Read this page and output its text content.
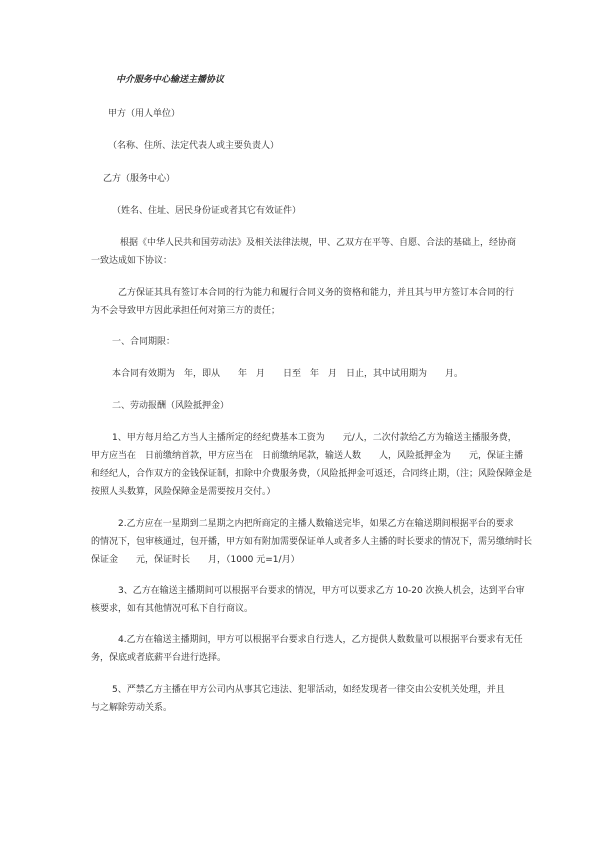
中介服务中心输送主播协议
甲方（用人单位）
（名称、住所、法定代表人或主要负责人）
乙方（服务中心）
（姓名、住址、居民身份证或者其它有效证件）
根据《中华人民共和国劳动法》及相关法律法规，甲、乙双方在平等、自愿、合法的基础上，经协商
一致达成如下协议：
乙方保证其具有签订本合同的行为能力和履行合同义务的资格和能力，并且其与甲方签订本合同的行
为不会导致甲方因此承担任何对第三方的责任；
一、合同期限：
本合同有效期为　年，即从　　年　月　　日至　年　月　日止，其中试用期为　　月。
二、劳动报酬（风险抵押金）
1、甲方每月给乙方当人主播所定的经纪费基本工资为　　元/人，二次付款给乙方为输送主播服务费，
甲方应当在　日前缴纳首款，甲方应当在　日前缴纳尾款，输送人数　　人，风险抵押金为　　元，保证主播
和经纪人，合作双方的金钱保证制，扣除中介费服务费，（风险抵押金可返还，合同终止期，（注；风险保障金是
按照人头数算，风险保障金是需要按月交付。）
2.乙方应在一星期到二星期之内把所商定的主播人数输送完毕，如果乙方在输送期间根据平台的要求
的情况下，包审核通过，包开播，甲方如有附加需要保证单人或者多人主播的时长要求的情况下，需另缴纳时长
保证金　　元，保证时长　　月，（1000 元=1/月）
3、乙方在输送主播期间可以根据平台要求的情况，甲方可以要求乙方 10-20 次换人机会，达到平台审
核要求，如有其他情况可私下自行商议。
4.乙方在输送主播期间，甲方可以根据平台要求自行选人，乙方提供人数数量可以根据平台要求有无任
务，保底或者底薪平台进行选择。
5、严禁乙方主播在甲方公司内从事其它违法、犯罪活动，如经发现者一律交由公安机关处理，并且
与之解除劳动关系。
